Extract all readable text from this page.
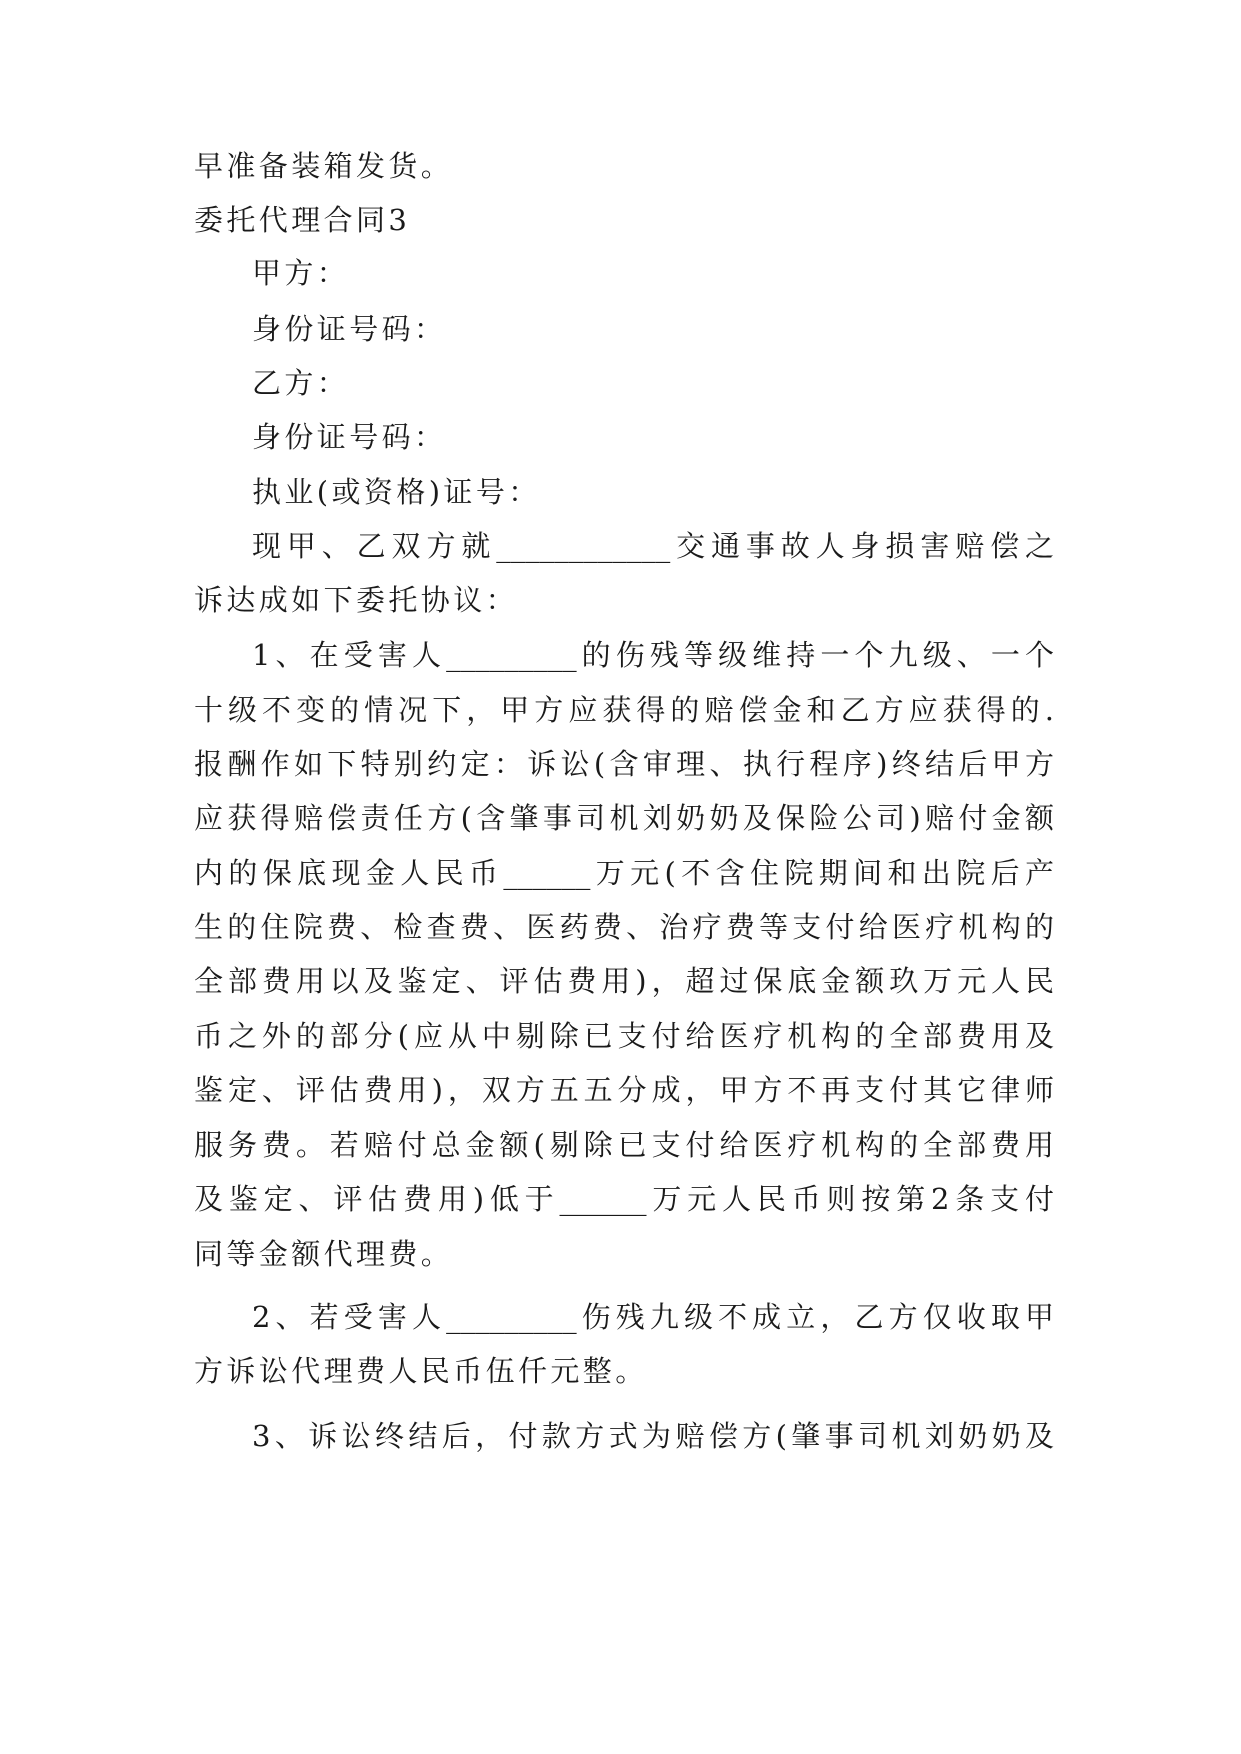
早准备装箱发货。
委托代理合同3
甲方：
身份证号码：
乙方：
身份证号码：
执业(或资格)证号：
现甲、乙双方就____________交通事故人身损害赔偿之
诉达成如下委托协议：
1、在受害人_________的伤残等级维持一个九级、一个
十级不变的情况下，甲方应获得的赔偿金和乙方应获得的.
报酬作如下特别约定：诉讼(含审理、执行程序)终结后甲方
应获得赔偿责任方(含肇事司机刘奶奶及保险公司)赔付金额
内的保底现金人民币______万元(不含住院期间和出院后产
生的住院费、检查费、医药费、治疗费等支付给医疗机构的
全部费用以及鉴定、评估费用)，超过保底金额玖万元人民
币之外的部分(应从中剔除已支付给医疗机构的全部费用及
鉴定、评估费用)，双方五五分成，甲方不再支付其它律师
服务费。若赔付总金额(剔除已支付给医疗机构的全部费用
及鉴定、评估费用)低于______万元人民币则按第2条支付
同等金额代理费。
2、若受害人_________伤残九级不成立，乙方仅收取甲
方诉讼代理费人民币伍仟元整。
3、诉讼终结后，付款方式为赔偿方(肇事司机刘奶奶及
